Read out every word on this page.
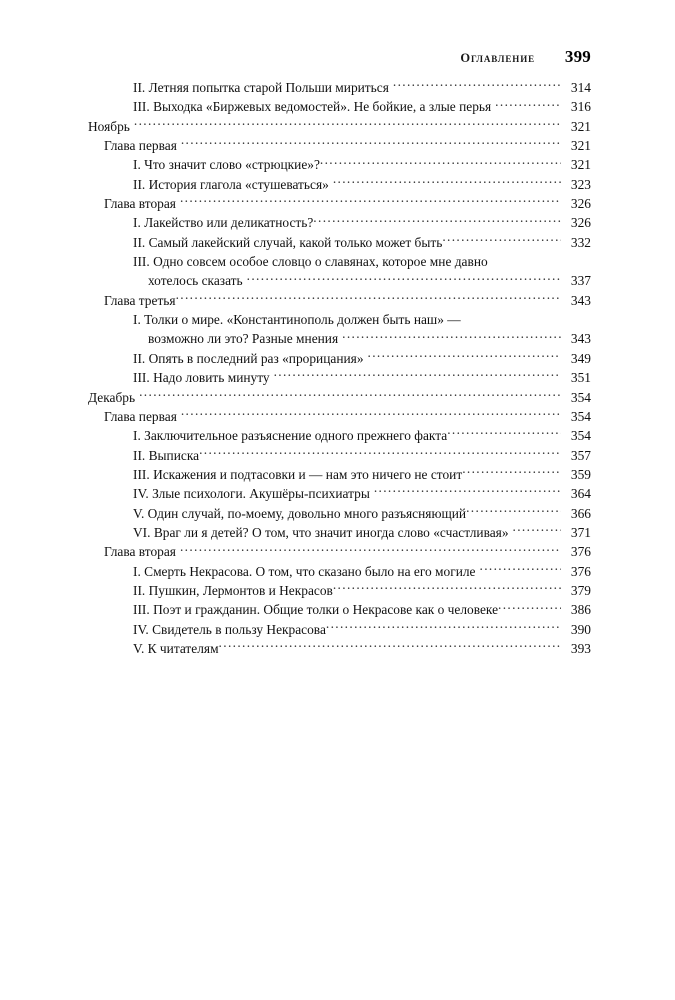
Оглавление 399
II. Летняя попытка старой Польши мириться .....	314
III. Выходка «Биржевых ведомостей». Не бойкие, а злые перья .....	316
Ноябрь .....	321
Глава первая .....	321
I. Что значит слово «стрюцкие»? .....	321
II. История глагола «стушеваться» .....	323
Глава вторая .....	326
I. Лакейство или деликатность? .....	326
II. Самый лакейский случай, какой только может быть .....	332
III. Одно совсем особое словцо о славянах, которое мне давно
хотелось сказать .....	337
Глава третья .....	343
I. Толки о мире. «Константинополь должен быть наш» —
возможно ли это? Разные мнения .....	343
II. Опять в последний раз «прорицания» .....	349
III. Надо ловить минуту .....	351
Декабрь .....	354
Глава первая .....	354
I. Заключительное разъяснение одного прежнего факта .....	354
II. Выписка .....	357
III. Искажения и подтасовки и — нам это ничего не стоит .....	359
IV. Злые психологи. Акушёры-психиатры .....	364
V. Один случай, по-моему, довольно много разъясняющий .....	366
VI. Враг ли я детей? О том, что значит иногда слово «счастливая» .....	371
Глава вторая .....	376
I. Смерть Некрасова. О том, что сказано было на его могиле .....	376
II. Пушкин, Лермонтов и Некрасов .....	379
III. Поэт и гражданин. Общие толки о Некрасове как о человеке .....	386
IV. Свидетель в пользу Некрасова .....	390
V. К читателям .....	393
